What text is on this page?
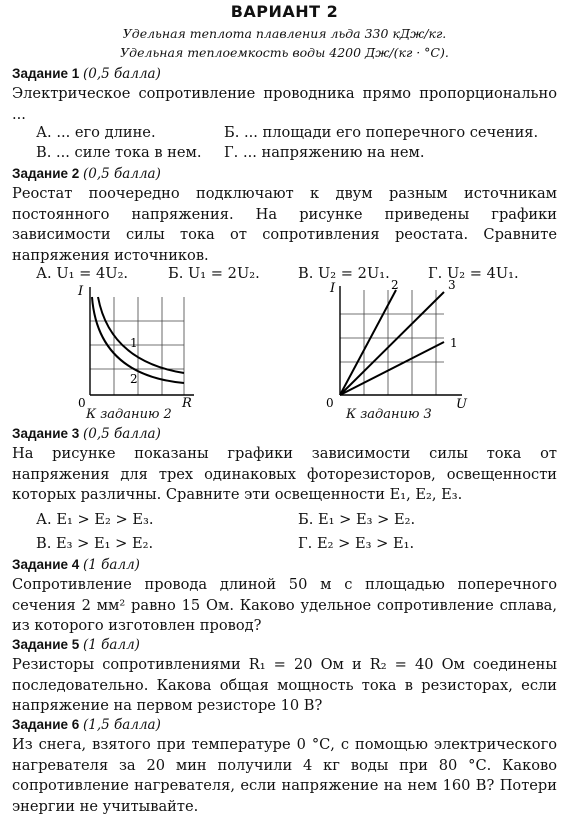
ВАРИАНТ 2
Удельная теплота плавления льда 330 кДж/кг.
Удельная теплоемкость воды 4200 Дж/(кг · °С).
Задание 1 (0,5 балла)
Электрическое сопротивление проводника прямо пропорционально ...
А. ... его длине.	Б. ... площади его поперечного сечения.
В. ... силе тока в нем. Г. ... напряжению на нем.
Задание 2 (0,5 балла)
Реостат поочередно подключают к двум разным источникам постоянного напряжения. На рисунке приведены графики зависимости силы тока от сопротивления реостата. Сравните напряжения источников.
А. U₁ = 4U₂.	Б. U₁ = 2U₂.	В. U₂ = 2U₁.	Г. U₂ = 4U₁.
I
R
0
1
2
К заданию 2
I
U
0
2	3
1
К заданию 3
Задание 3 (0,5 балла)
На рисунке показаны графики зависимости силы тока от напряжения для трех одинаковых фоторезисторов, освещенности которых различны. Сравните эти освещенности E₁, E₂, E₃.
А. E₁ > E₂ > E₃.	Б. E₁ > E₃ > E₂.
В. E₃ > E₁ > E₂.	Г. E₂ > E₃ > E₁.
Задание 4 (1 балл)
Сопротивление провода длиной 50 м с площадью поперечного сечения 2 мм² равно 15 Ом. Каково удельное сопротивление сплава, из которого изготовлен провод?
Задание 5 (1 балл)
Резисторы сопротивлениями R₁ = 20 Ом и R₂ = 40 Ом соединены последовательно. Какова общая мощность тока в резисторах, если напряжение на первом резисторе 10 В?
Задание 6 (1,5 балла)
Из снега, взятого при температуре 0 °С, с помощью электрического нагревателя за 20 мин получили 4 кг воды при 80 °С. Каково сопротивление нагревателя, если напряжение на нем 160 В? Потери энергии не учитывайте.
